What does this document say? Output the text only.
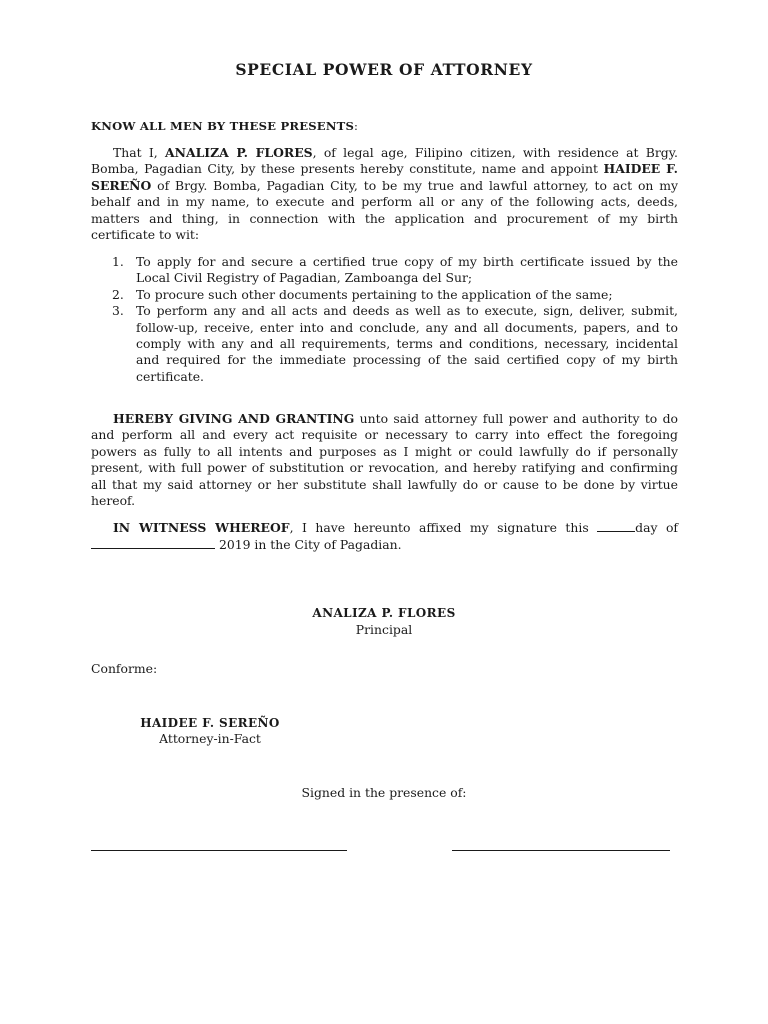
SPECIAL POWER OF ATTORNEY
KNOW ALL MEN BY THESE PRESENTS:

That I, ANALIZA P. FLORES, of legal age, Filipino citizen, with residence at Brgy. Bomba, Pagadian City, by these presents hereby constitute, name and appoint HAIDEE F. SEREÑO of Brgy. Bomba, Pagadian City, to be my true and lawful attorney, to act on my behalf and in my name, to execute and perform all or any of the following acts, deeds, matters and thing, in connection with the application and procurement of my birth certificate to wit:

1. To apply for and secure a certified true copy of my birth certificate issued by the Local Civil Registry of Pagadian, Zamboanga del Sur;
2. To procure such other documents pertaining to the application of the same;
3. To perform any and all acts and deeds as well as to execute, sign, deliver, submit, follow-up, receive, enter into and conclude, any and all documents, papers, and to comply with any and all requirements, terms and conditions, necessary, incidental and required for the immediate processing of the said certified copy of my birth certificate.

HEREBY GIVING AND GRANTING unto said attorney full power and authority to do and perform all and every act requisite or necessary to carry into effect the foregoing powers as fully to all intents and purposes as I might or could lawfully do if personally present, with full power of substitution or revocation, and hereby ratifying and confirming all that my said attorney or her substitute shall lawfully do or cause to be done by virtue hereof.

IN WITNESS WHEREOF, I have hereunto affixed my signature this	day of  2019 in the City of Pagadian.

ANALIZA P. FLORES
Principal
Conforme:
HAIDEE F. SEREÑO
Attorney-in-Fact
Signed in the presence of:
